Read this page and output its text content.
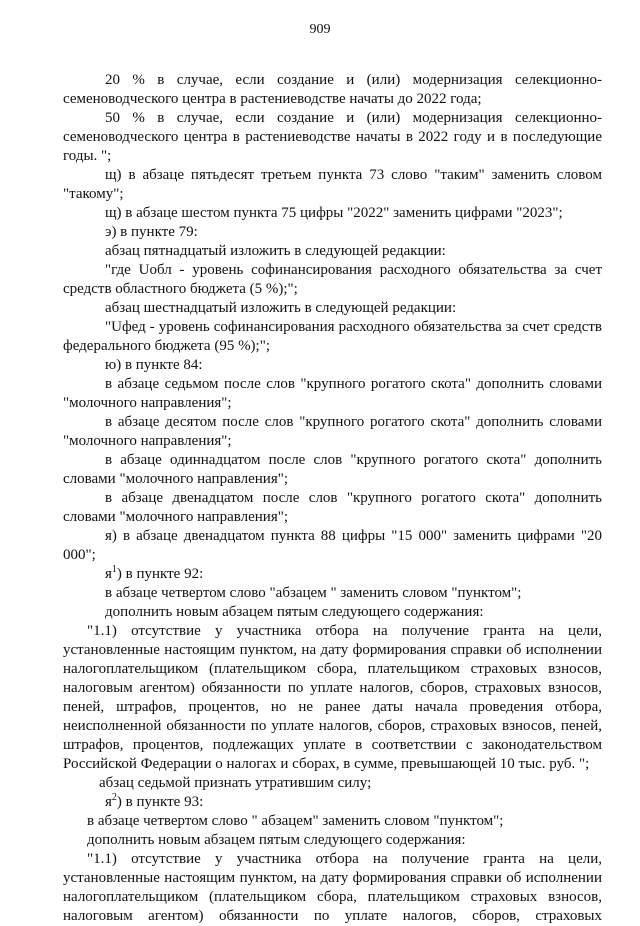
909

20 % в случае, если создание и (или) модернизация селекционно-семеноводческого центра в растениеводстве начаты до 2022 года;

50 % в случае, если создание и (или) модернизация селекционно-семеноводческого центра в растениеводстве начаты в 2022 году и в последующие годы. ";

щ) в абзаце пятьдесят третьем пункта 73 слово "таким" заменить словом "такому";

щ) в абзаце шестом пункта 75 цифры "2022" заменить цифрами "2023";

э) в пункте 79:

абзац пятнадцатый изложить в следующей редакции:

"где Uобл - уровень софинансирования расходного обязательства за счет средств областного бюджета (5 %);";

абзац шестнадцатый изложить в следующей редакции:

"Uфед - уровень софинансирования расходного обязательства за счет средств федерального бюджета (95 %);";

ю) в пункте 84:

в абзаце седьмом после слов "крупного рогатого скота" дополнить словами "молочного направления";

в абзаце десятом после слов "крупного рогатого скота" дополнить словами "молочного направления";

в абзаце одиннадцатом после слов "крупного рогатого скота" дополнить словами "молочного направления";

в абзаце двенадцатом после слов "крупного рогатого скота" дополнить словами "молочного направления";

я) в абзаце двенадцатом пункта 88 цифры "15 000" заменить цифрами "20 000";

$я^1$) в пункте 92:

в абзаце четвертом слово "абзацем " заменить словом "пунктом";

дополнить новым абзацем пятым следующего содержания:

"1.1) отсутствие у участника отбора на получение гранта на цели, установленные настоящим пунктом, на дату формирования справки об исполнении налогоплательщиком (плательщиком сбора, плательщиком страховых взносов, налоговым агентом) обязанности по уплате налогов, сборов, страховых взносов, пеней, штрафов, процентов, но не ранее даты начала проведения отбора, неисполненной обязанности по уплате налогов, сборов, страховых взносов, пеней, штрафов, процентов, подлежащих уплате в соответствии с законодательством Российской Федерации о налогах и сборах, в сумме, превышающей 10 тыс. руб. ";

абзац седьмой признать утратившим силу;

$я^2$) в пункте 93:

в абзаце четвертом слово " абзацем" заменить словом "пунктом";

дополнить новым абзацем пятым следующего содержания:

"1.1) отсутствие у участника отбора на получение гранта на цели, установленные настоящим пунктом, на дату формирования справки об исполнении налогоплательщиком (плательщиком сбора, плательщиком страховых взносов, налоговым агентом) обязанности по уплате налогов, сборов, страховых
